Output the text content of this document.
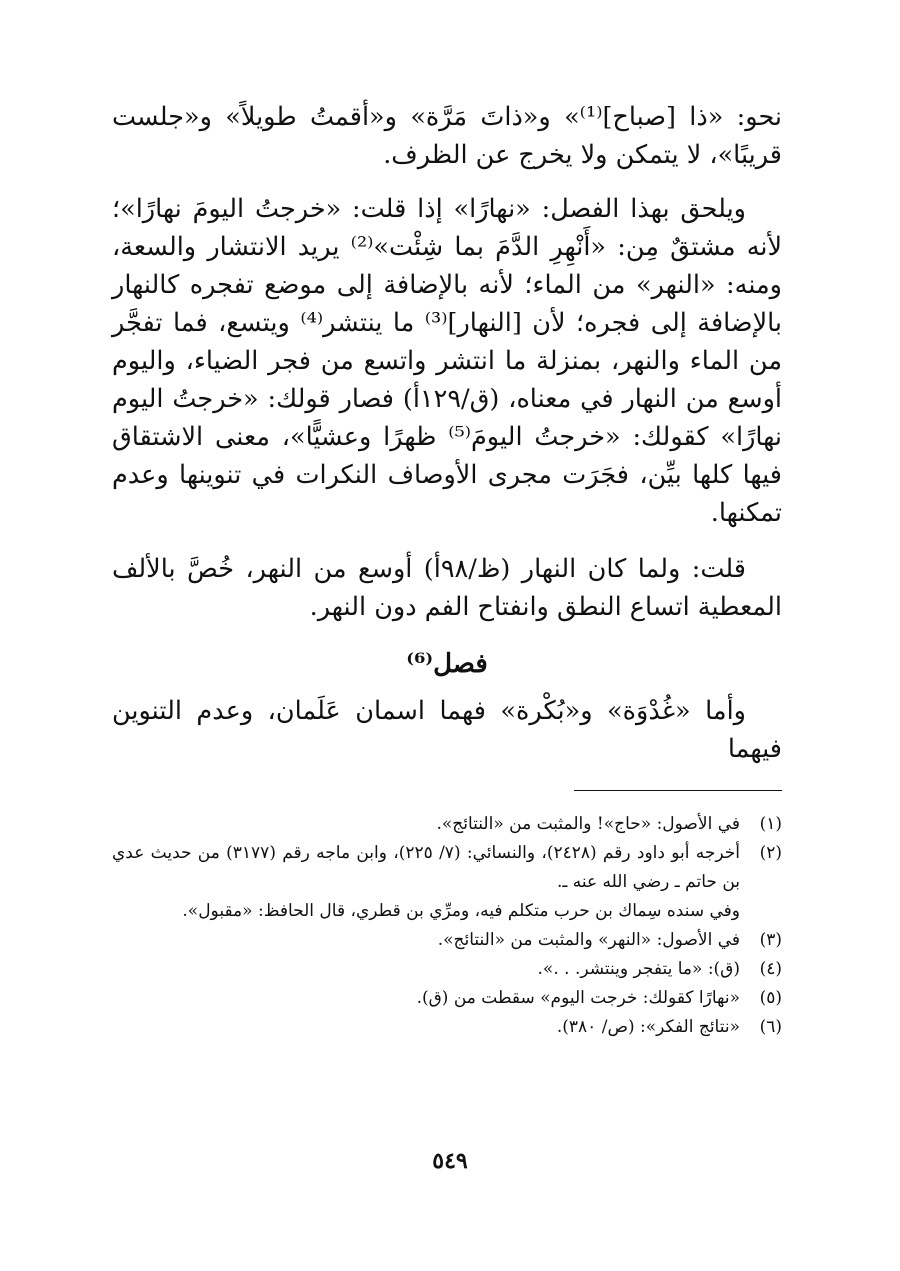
نحو: «ذا [صباح]⁽¹⁾» و«ذاتَ مَرَّة» و«أقمتُ طويلاً» و«جلست قريبًا»، لا يتمكن ولا يخرج عن الظرف.

ويلحق بهذا الفصل: «نهارًا» إذا قلت: «خرجتُ اليومَ نهارًا»؛ لأنه مشتقٌ مِن: «أَنْهِرِ الدَّمَ بما شِئْت»⁽²⁾ يريد الانتشار والسعة، ومنه: «النهر» من الماء؛ لأنه بالإضافة إلى موضع تفجره كالنهار بالإضافة إلى فجره؛ لأن [النهار]⁽³⁾ ما ينتشر⁽⁴⁾ ويتسع، فما تفجَّر من الماء والنهر، بمنزلة ما انتشر واتسع من فجر الضياء، واليوم أوسع من النهار في معناه، (ق/١٢٩أ) فصار قولك: «خرجتُ اليوم نهارًا» كقولك: «خرجتُ اليومَ⁽⁵⁾ ظهرًا وعشيًّا»، معنى الاشتقاق فيها كلها بيِّن، فجَرَت مجرى الأوصاف النكرات في تنوينها وعدم تمكنها.

قلت: ولما كان النهار (ظ/٩٨أ) أوسع من النهر، خُصَّ بالألف المعطية اتساع النطق وانفتاح الفم دون النهر.

فصل⁽⁶⁾

وأما «غُدْوَة» و«بُكْرة» فهما اسمان عَلَمان، وعدم التنوين فيهما

(١)
في الأصول: «حاج»! والمثبت من «النتائج».
(٢)
أخرجه أبو داود رقم (٢٤٢٨)، والنسائي: (٧/ ٢٢٥)، وابن ماجه رقم (٣١٧٧) من حديث عدي بن حاتم ـ رضي الله عنه ـ.
وفي سنده سِماك بن حرب متكلم فيه، ومرِّي بن قطري، قال الحافظ: «مقبول».
(٣)
في الأصول: «النهر» والمثبت من «النتائج».
(٤)
(ق): «ما يتفجر وينتشر. . .».
(٥)
«نهارًا كقولك: خرجت اليوم» سقطت من (ق).
(٦)
«نتائج الفكر»: (ص/ ٣٨٠).
٥٤٩
